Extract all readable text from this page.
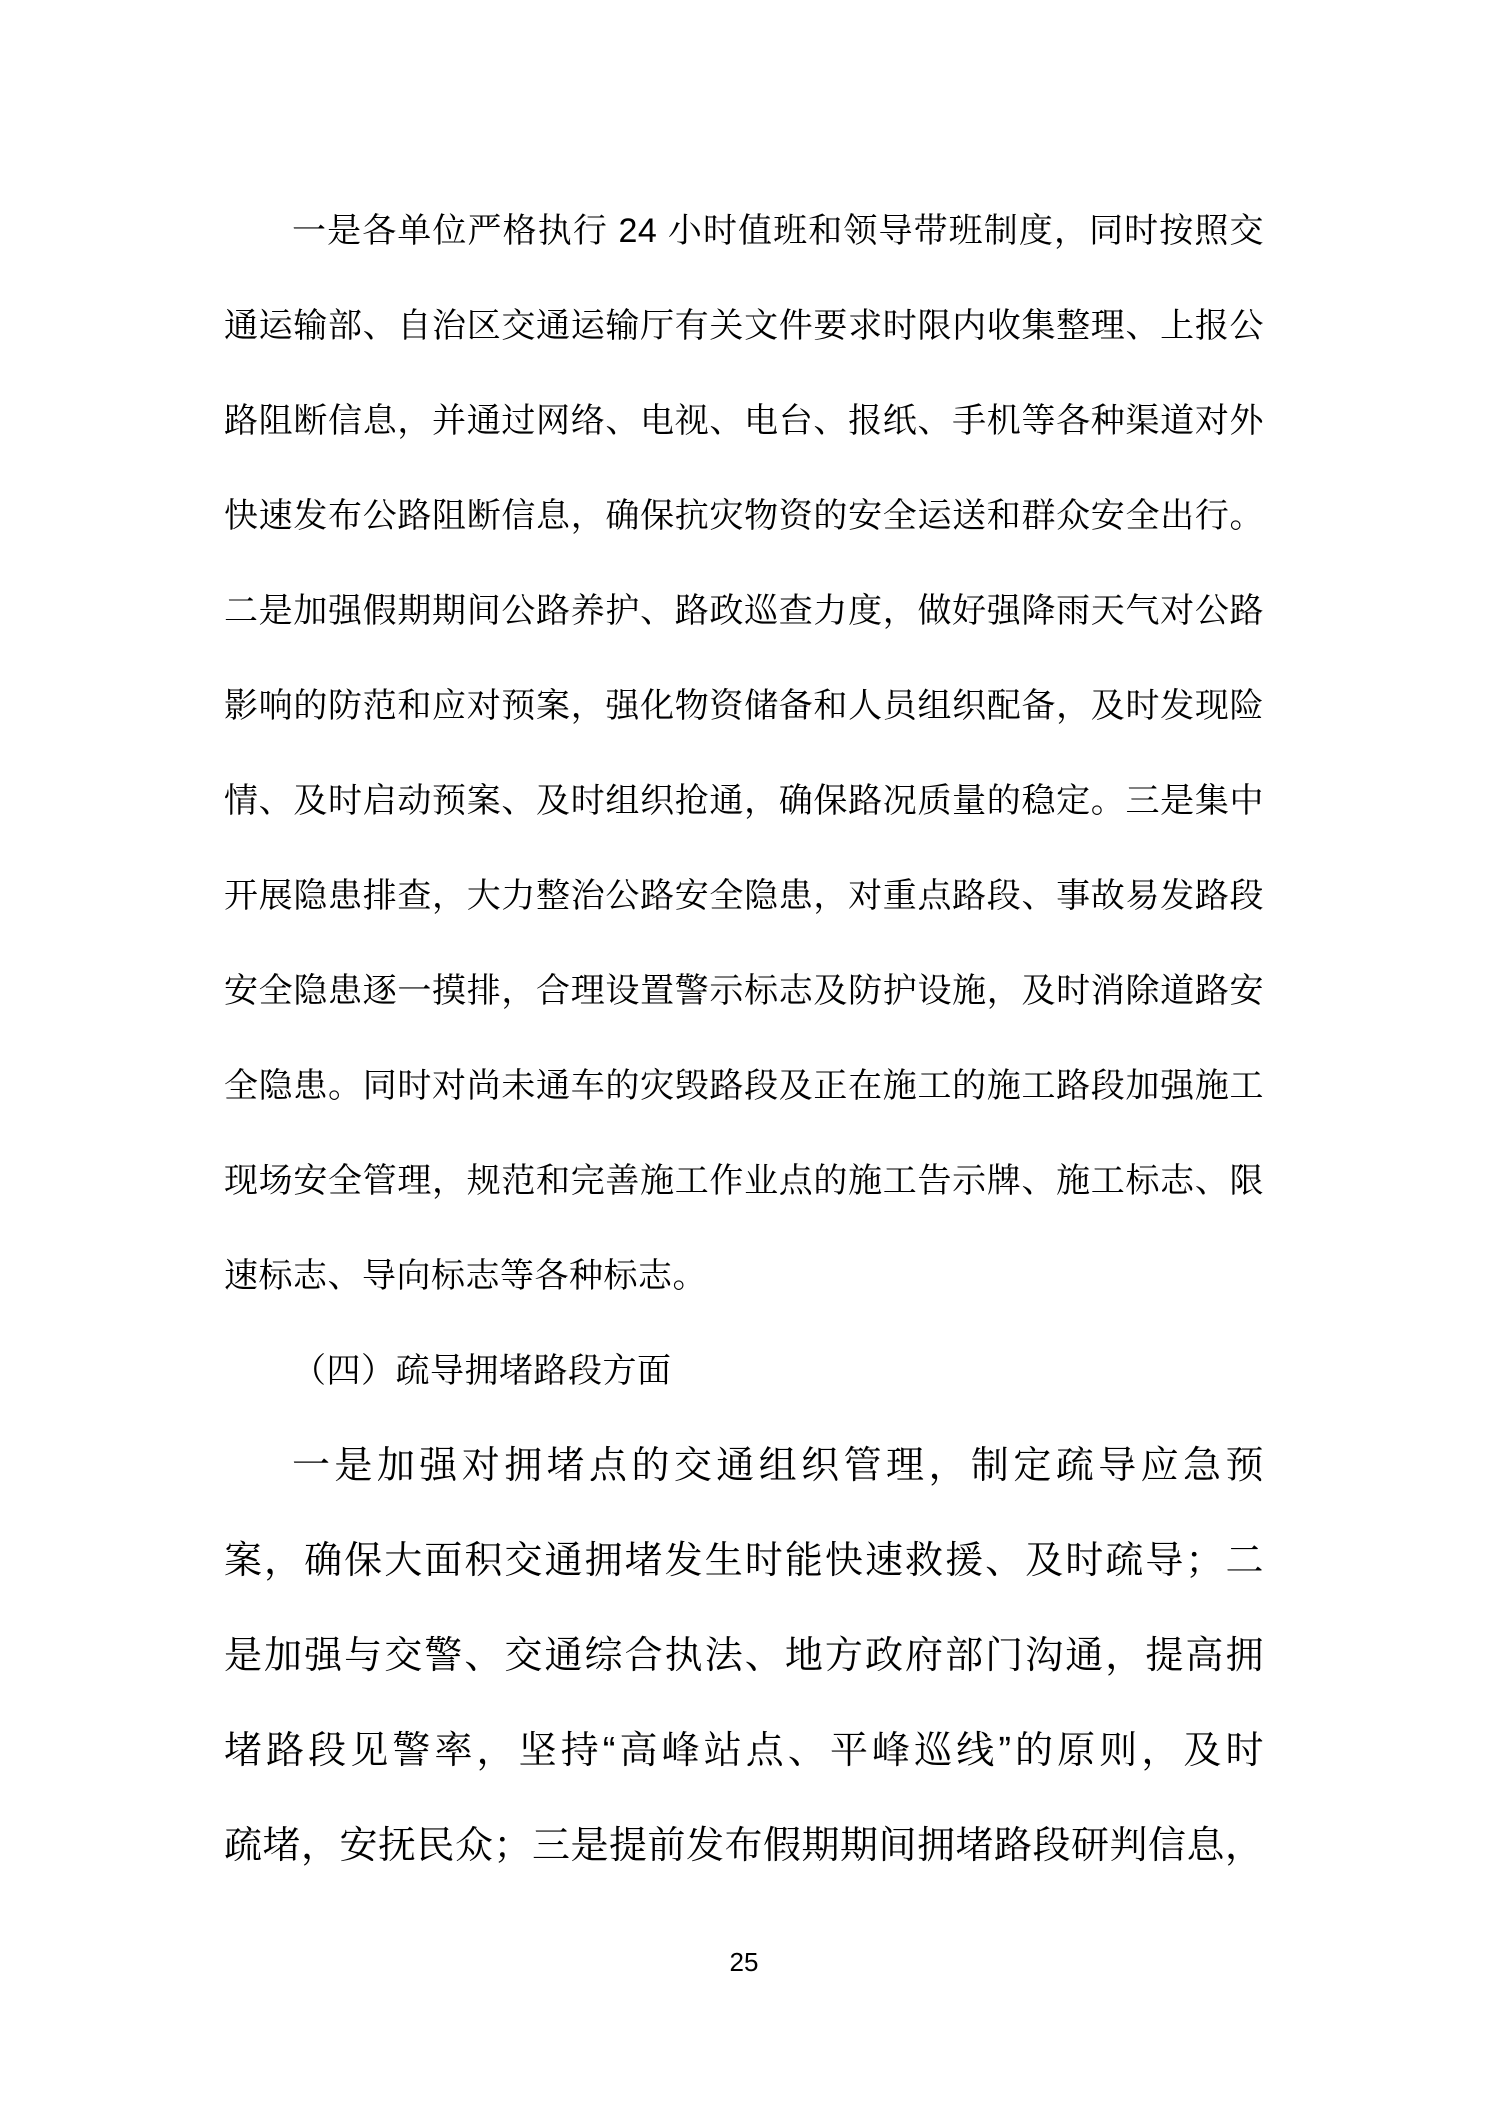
一是各单位严格执行 24 小时值班和领导带班制度，同时按照交
通运输部、自治区交通运输厅有关文件要求时限内收集整理、上报公
路阻断信息，并通过网络、电视、电台、报纸、手机等各种渠道对外
快速发布公路阻断信息，确保抗灾物资的安全运送和群众安全出行。
二是加强假期期间公路养护、路政巡查力度，做好强降雨天气对公路
影响的防范和应对预案，强化物资储备和人员组织配备，及时发现险
情、及时启动预案、及时组织抢通，确保路况质量的稳定。三是集中
开展隐患排查，大力整治公路安全隐患，对重点路段、事故易发路段
安全隐患逐一摸排，合理设置警示标志及防护设施，及时消除道路安
全隐患。同时对尚未通车的灾毁路段及正在施工的施工路段加强施工
现场安全管理，规范和完善施工作业点的施工告示牌、施工标志、限
速标志、导向标志等各种标志。
（四）疏导拥堵路段方面
一是加强对拥堵点的交通组织管理，制定疏导应急预
案，确保大面积交通拥堵发生时能快速救援、及时疏导；二
是加强与交警、交通综合执法、地方政府部门沟通，提高拥
堵路段见警率，坚持“高峰站点、平峰巡线”的原则，及时
疏堵，安抚民众；三是提前发布假期期间拥堵路段研判信息，
25
